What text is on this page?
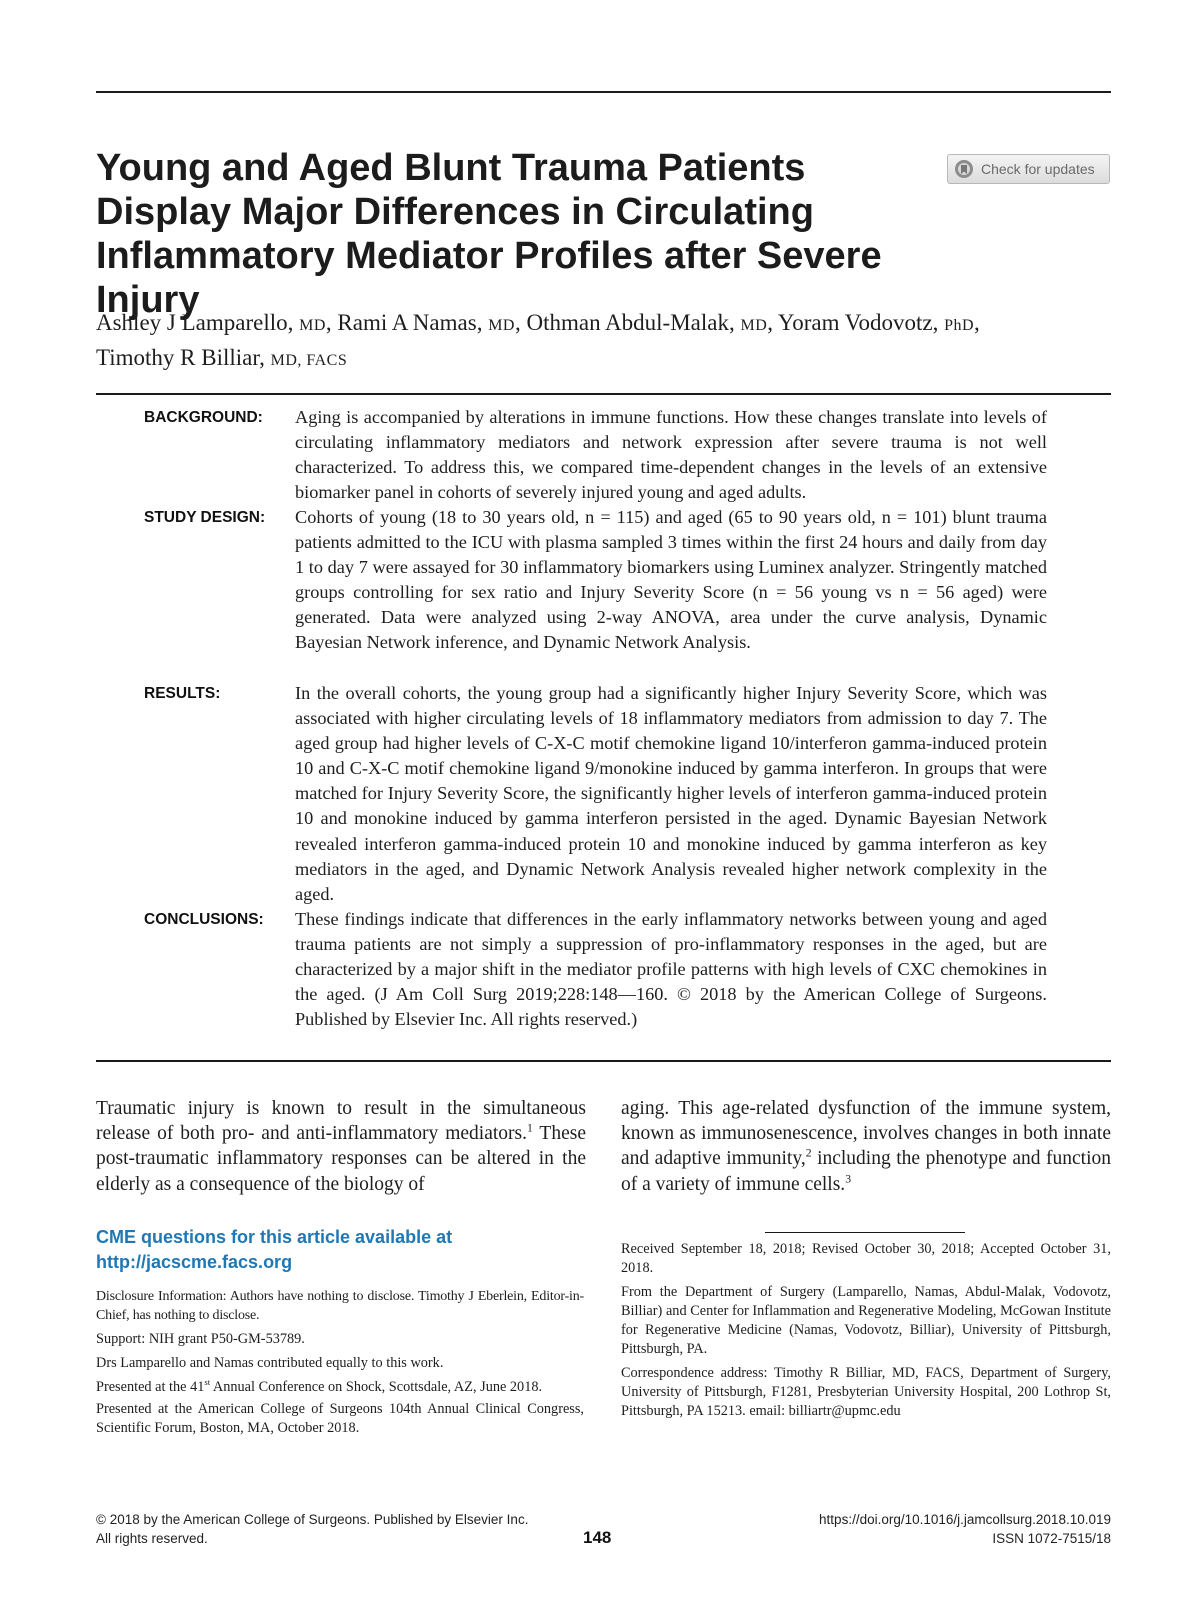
Young and Aged Blunt Trauma Patients Display Major Differences in Circulating Inflammatory Mediator Profiles after Severe Injury
Check for updates
Ashley J Lamparello, MD, Rami A Namas, MD, Othman Abdul-Malak, MD, Yoram Vodovotz, PhD,
Timothy R Billiar, MD, FACS
BACKGROUND: Aging is accompanied by alterations in immune functions. How these changes translate into levels of circulating inflammatory mediators and network expression after severe trauma is not well characterized. To address this, we compared time-dependent changes in the levels of an extensive biomarker panel in cohorts of severely injured young and aged adults.

STUDY DESIGN: Cohorts of young (18 to 30 years old, n = 115) and aged (65 to 90 years old, n = 101) blunt trauma patients admitted to the ICU with plasma sampled 3 times within the first 24 hours and daily from day 1 to day 7 were assayed for 30 inflammatory biomarkers using Luminex analyzer. Stringently matched groups controlling for sex ratio and Injury Severity Score (n = 56 young vs n = 56 aged) were generated. Data were analyzed using 2-way ANOVA, area under the curve analysis, Dynamic Bayesian Network inference, and Dynamic Network Analysis.

RESULTS:	In the overall cohorts, the young group had a significantly higher Injury Severity Score, which was associated with higher circulating levels of 18 inflammatory mediators from admission to day 7. The aged group had higher levels of C-X-C motif chemokine ligand 10/interferon gamma-induced protein 10 and C-X-C motif chemokine ligand 9/monokine induced by gamma interferon. In groups that were matched for Injury Severity Score, the significantly higher levels of interferon gamma-induced protein 10 and monokine induced by gamma interferon persisted in the aged. Dynamic Bayesian Network revealed interferon gamma-induced protein 10 and monokine induced by gamma interferon as key mediators in the aged, and Dynamic Network Analysis revealed higher network complexity in the aged.

CONCLUSIONS: These findings indicate that differences in the early inflammatory networks between young and aged trauma patients are not simply a suppression of pro-inflammatory responses in the aged, but are characterized by a major shift in the mediator profile patterns with high levels of CXC chemokines in the aged. (J Am Coll Surg 2019;228:148—160. © 2018 by the American College of Surgeons. Published by Elsevier Inc. All rights reserved.)

Traumatic injury is known to result in the simultaneous release of both pro- and anti-inflammatory mediators.$^1$ These post-traumatic inflammatory responses can be altered in the elderly as a consequence of the biology of

aging. This age-related dysfunction of the immune system, known as immunosenescence, involves changes in both innate and adaptive immunity,$^2$ including the phenotype and function of a variety of immune cells.$^3$

CME questions for this article available at
http://jacscme.facs.org

Disclosure Information: Authors have nothing to disclose. Timothy J Eberlein, Editor-in-Chief, has nothing to disclose.

Support: NIH grant P50-GM-53789.

Drs Lamparello and Namas contributed equally to this work.

Presented at the 41st Annual Conference on Shock, Scottsdale, AZ, June 2018.

Presented at the American College of Surgeons 104th Annual Clinical Congress, Scientific Forum, Boston, MA, October 2018.

Received September 18, 2018; Revised October 30, 2018; Accepted October 31, 2018.

From the Department of Surgery (Lamparello, Namas, Abdul-Malak, Vodovotz, Billiar) and Center for Inflammation and Regenerative Modeling, McGowan Institute for Regenerative Medicine (Namas, Vodovotz, Billiar), University of Pittsburgh, Pittsburgh, PA.

Correspondence address: Timothy R Billiar, MD, FACS, Department of Surgery, University of Pittsburgh, F1281, Presbyterian University Hospital, 200 Lothrop St, Pittsburgh, PA 15213. email: billiartr@upmc.edu

© 2018 by the American College of Surgeons. Published by Elsevier Inc.
All rights reserved.	148
https://doi.org/10.1016/j.jamcollsurg.2018.10.019
ISSN 1072-7515/18
